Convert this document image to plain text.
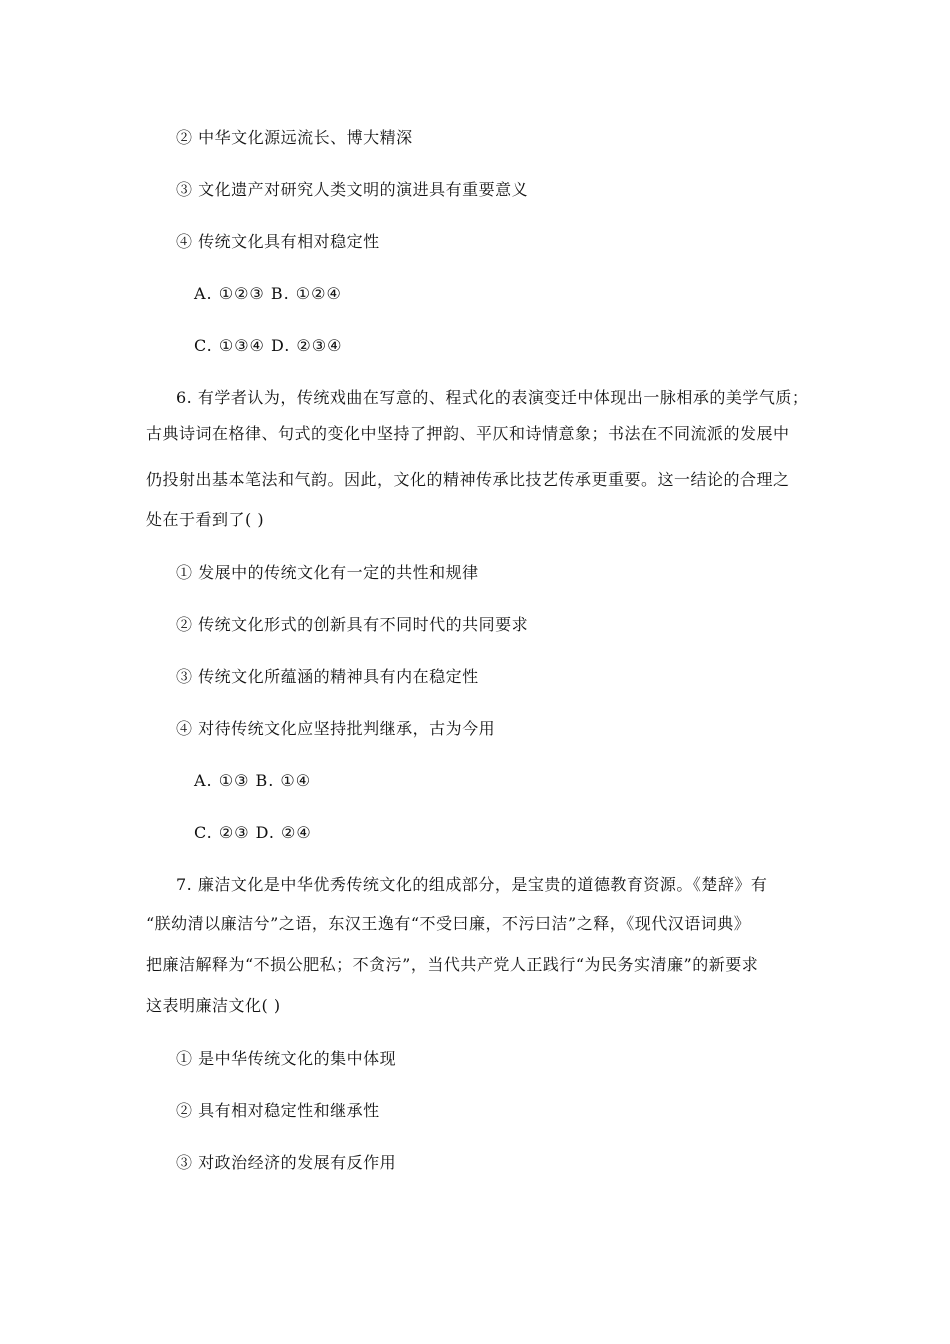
② 中华文化源远流长、博大精深
③ 文化遗产对研究人类文明的演进具有重要意义
④ 传统文化具有相对稳定性
A. ①②③ B. ①②④
C. ①③④ D. ②③④
6. 有学者认为，传统戏曲在写意的、程式化的表演变迁中体现出一脉相承的美学气质；
古典诗词在格律、句式的变化中坚持了押韵、平仄和诗情意象；书法在不同流派的发展中
仍投射出基本笔法和气韵。因此，文化的精神传承比技艺传承更重要。这一结论的合理之
处在于看到了( )
① 发展中的传统文化有一定的共性和规律
② 传统文化形式的创新具有不同时代的共同要求
③ 传统文化所蕴涵的精神具有内在稳定性
④ 对待传统文化应坚持批判继承，古为今用
A. ①③ B. ①④
C. ②③ D. ②④
7. 廉洁文化是中华优秀传统文化的组成部分，是宝贵的道德教育资源。《楚辞》有
“朕幼清以廉洁兮”之语，东汉王逸有“不受曰廉，不污曰洁”之释，《现代汉语词典》
把廉洁解释为“不损公肥私；不贪污”，当代共产党人正践行“为民务实清廉”的新要求
这表明廉洁文化( )
① 是中华传统文化的集中体现
② 具有相对稳定性和继承性
③ 对政治经济的发展有反作用
